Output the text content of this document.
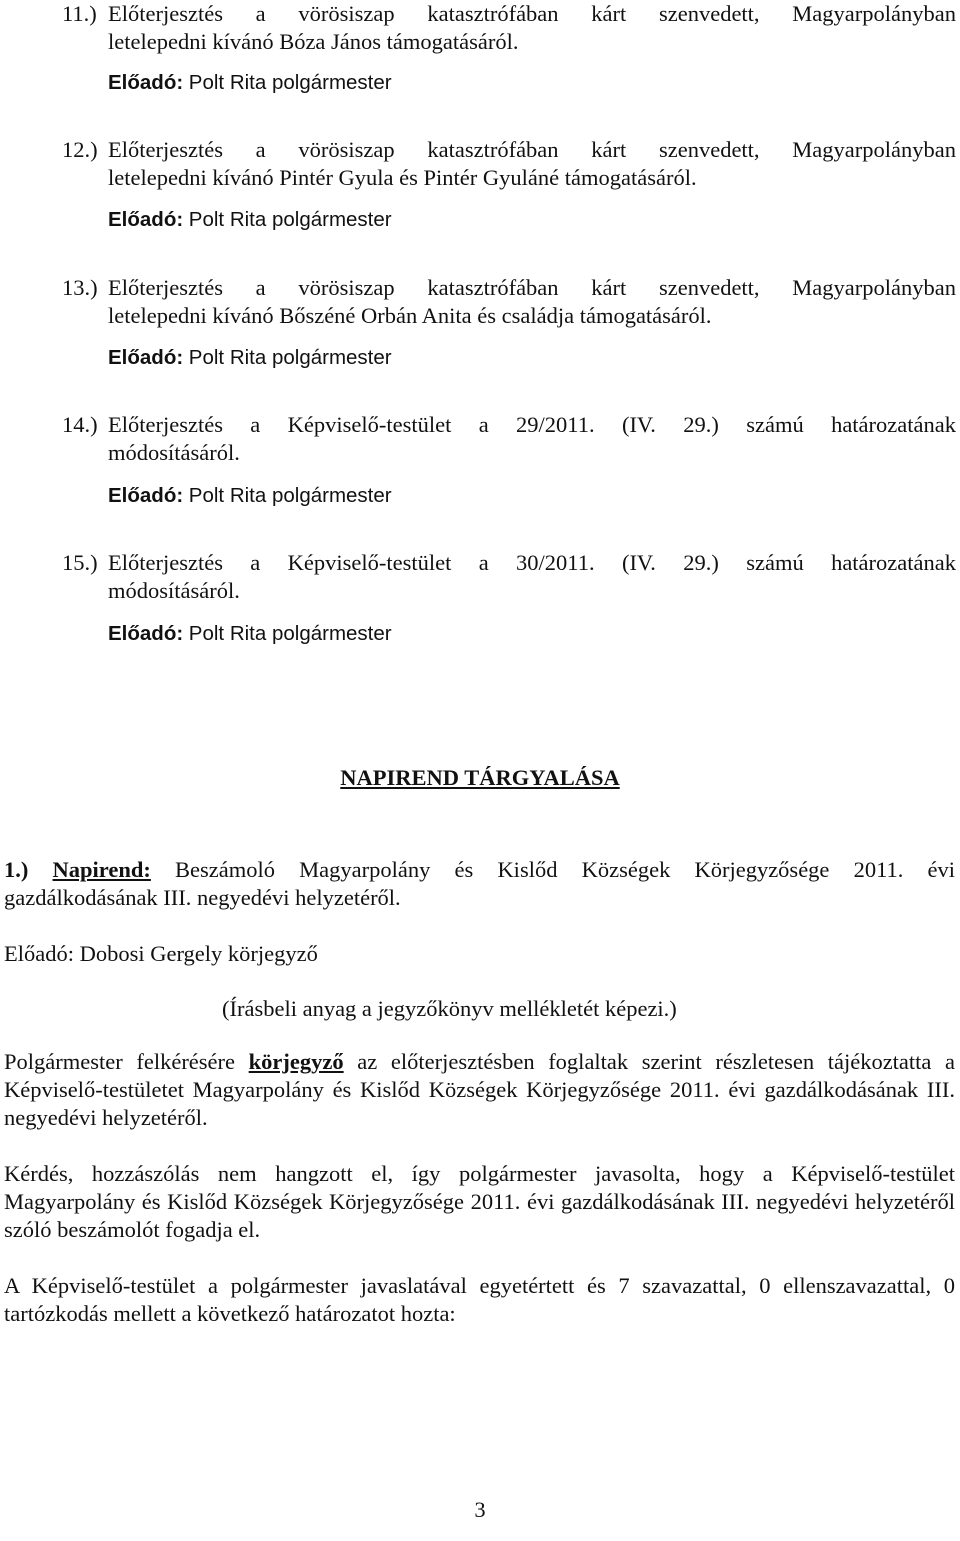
11.) Előterjesztés a vörösiszap katasztrófában kárt szenvedett, Magyarpolányban
letelepedni kívánó Bóza János támogatásáról.
Előadó: Polt Rita polgármester
12.) Előterjesztés a vörösiszap katasztrófában kárt szenvedett, Magyarpolányban
letelepedni kívánó Pintér Gyula és Pintér Gyuláné támogatásáról.
Előadó: Polt Rita polgármester
13.) Előterjesztés a vörösiszap katasztrófában kárt szenvedett, Magyarpolányban
letelepedni kívánó Bőszéné Orbán Anita és családja támogatásáról.
Előadó: Polt Rita polgármester
14.) Előterjesztés a Képviselő-testület a 29/2011. (IV. 29.) számú határozatának
módosításáról.
Előadó: Polt Rita polgármester
15.) Előterjesztés a Képviselő-testület a 30/2011. (IV. 29.) számú határozatának
módosításáról.
Előadó: Polt Rita polgármester
NAPIREND TÁRGYALÁSA
1.) Napirend: Beszámoló Magyarpolány és Kislőd Községek Körjegyzősége 2011. évi
gazdálkodásának III. negyedévi helyzetéről.
Előadó: Dobosi Gergely körjegyző
(Írásbeli anyag a jegyzőkönyv mellékletét képezi.)
Polgármester felkérésére körjegyző az előterjesztésben foglaltak szerint részletesen tájékoztatta a Képviselő-testületet Magyarpolány és Kislőd Községek Körjegyzősége 2011. évi gazdálkodásának III. negyedévi helyzetéről.
Kérdés, hozzászólás nem hangzott el, így polgármester javasolta, hogy a Képviselő-testület Magyarpolány és Kislőd Községek Körjegyzősége 2011. évi gazdálkodásának III. negyedévi helyzetéről szóló beszámolót fogadja el.
A Képviselő-testület a polgármester javaslatával egyetértett és 7 szavazattal, 0 ellenszavazattal, 0 tartózkodás mellett a következő határozatot hozta:
3
